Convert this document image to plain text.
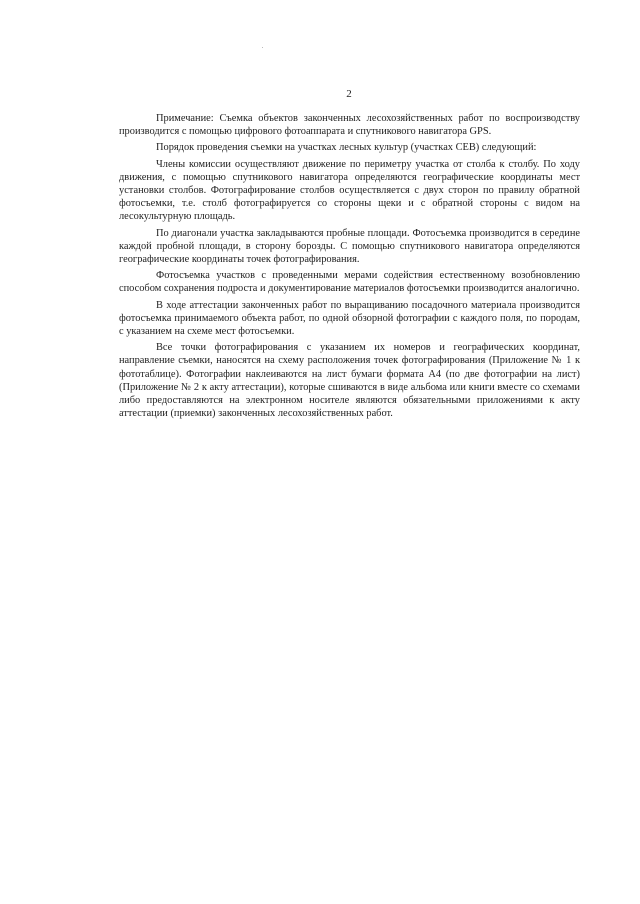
2

Примечание: Съемка объектов законченных лесохозяйственных работ по воспроизводству производится с помощью цифрового фотоаппарата и спутникового навигатора GPS.

Порядок проведения съемки на участках лесных культур (участках СЕВ) следующий:

Члены комиссии осуществляют движение по периметру участка от столба к столбу. По ходу движения, с помощью спутникового навигатора определяются географические координаты мест установки столбов. Фотографирование столбов осуществляется с двух сторон по правилу обратной фотосъемки, т.е. столб фотографируется со стороны щеки и с обратной стороны с видом на лесокультурную площадь.

По диагонали участка закладываются пробные площади. Фотосъемка производится в середине каждой пробной площади, в сторону борозды. С помощью спутникового навигатора определяются географические координаты точек фотографирования.

Фотосъемка участков с проведенными мерами содействия естественному возобновлению способом сохранения подроста и документирование материалов фотосъемки производится аналогично.

В ходе аттестации законченных работ по выращиванию посадочного материала производится фотосъемка принимаемого объекта работ, по одной обзорной фотографии с каждого поля, по породам, с указанием на схеме мест фотосъемки.

Все точки фотографирования с указанием их номеров и географических координат, направление съемки, наносятся на схему расположения точек фотографирования (Приложение № 1 к фототаблице). Фотографии наклеиваются на лист бумаги формата А4 (по две фотографии на лист) (Приложение № 2 к акту аттестации), которые сшиваются в виде альбома или книги вместе со схемами либо предоставляются на электронном носителе являются обязательными приложениями к акту аттестации (приемки) законченных лесохозяйственных работ.
